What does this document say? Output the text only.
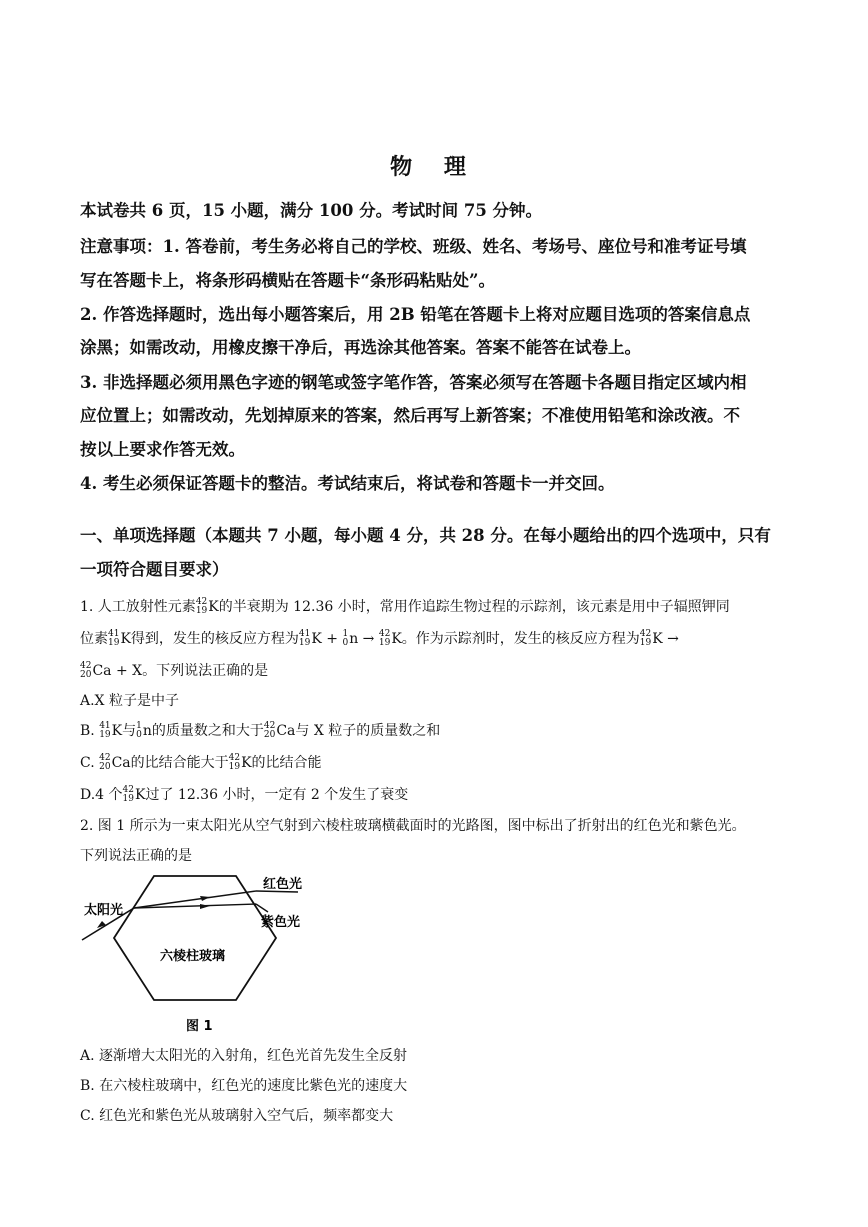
物 理
本试卷共 6 页，15 小题，满分 100 分。考试时间 75 分钟。
注意事项：1. 答卷前，考生务必将自己的学校、班级、姓名、考场号、座位号和准考证号填
写在答题卡上，将条形码横贴在答题卡“条形码粘贴处”。
2. 作答选择题时，选出每小题答案后，用 2B 铅笔在答题卡上将对应题目选项的答案信息点
涂黑；如需改动，用橡皮擦干净后，再选涂其他答案。答案不能答在试卷上。
3. 非选择题必须用黑色字迹的钢笔或签字笔作答，答案必须写在答题卡各题目指定区域内相
应位置上；如需改动，先划掉原来的答案，然后再写上新答案；不准使用铅笔和涂改液。不
按以上要求作答无效。
4. 考生必须保证答题卡的整洁。考试结束后，将试卷和答题卡一并交回。
一、单项选择题（本题共 7 小题，每小题 4 分，共 28 分。在每小题给出的四个选项中，只有
一项符合题目要求）
1. 人工放射性元素 42
19 K的半衰期为 12.36 小时，常用作追踪生物过程的示踪剂，该元素是用中子辐照钾同
位素 41
19 K得到，发生的核反应方程为 41
19 K + 1
0 n → 42
19 K。作为示踪剂时，发生的核反应方程为 42
19 K →
42
20 Ca + X。下列说法正确的是
A.X 粒子是中子
B. 41
19 K与 1
0 n的质量数之和大于 42
20 Ca与 X 粒子的质量数之和
C. 42
20 Ca的比结合能大于 42
19 K的比结合能
D.4 个 42
19 K过了 12.36 小时，一定有 2 个发生了衰变
2. 图 1 所示为一束太阳光从空气射到六棱柱玻璃横截面时的光路图，图中标出了折射出的红色光和紫色光。
下列说法正确的是
太阳光
红色光
紫色光
六棱柱玻璃
图 1
A. 逐渐增大太阳光的入射角，红色光首先发生全反射
B. 在六棱柱玻璃中，红色光的速度比紫色光的速度大
C. 红色光和紫色光从玻璃射入空气后，频率都变大
